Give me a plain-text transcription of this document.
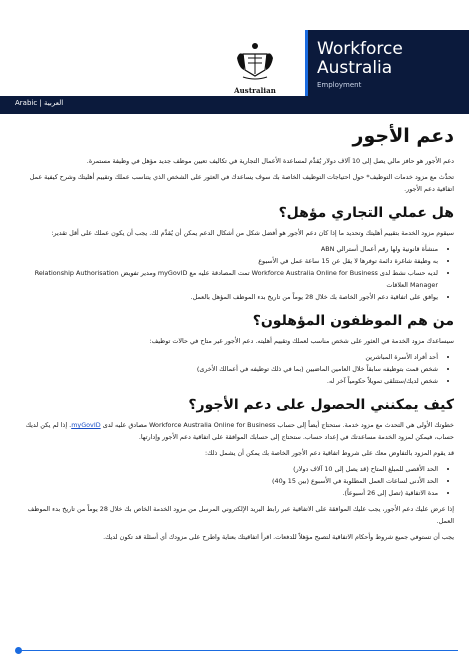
Australian
Workforce
Australia
Employment
Arabic | العربية
دعم الأجور

دعم الأجور هو حافز مالي يصل إلى 10 آلاف دولار يُقدَّم لمساعدة الأعمال التجارية في تكاليف تعيين موظف جديد مؤهل في وظيفة مستمرة.

تحدَّث مع مزود خدمات التوظيف* حول احتياجات التوظيف الخاصة بك سوف يساعدك في العثور على الشخص الذي يتناسب عملك وتقييم أهليتك وشرح كيفية عمل اتفاقية دعم الأجور.

هل عملي التجاري مؤهل؟

سيقوم مزود الخدمة بتقييم أهليتك وتحديد ما إذا كان دعم الأجور هو أفضل شكل من أشكال الدعم يمكن أن يُقدَّم لك. يجب أن يكون عملك على أقل تقدير:

• منشأة قانونية ولها رقم أعمال أسترالي ABN
• به وظيفة شاغرة دائمة توفرها لا يقل عن 15 ساعة عمل في الأسبوع
• لديه حساب نشط لدى Workforce Australia Online for Business تمت المصادقة عليه مع myGovID ومدير تفويض Relationship Authorisation Manager العلاقات
• يوافق على اتفاقية دعم الأجور الخاصة بك خلال 28 يوماً من تاريخ بدء الموظف المؤهل بالعمل.
من هم الموظفون المؤهلون؟

سيساعدك مزود الخدمة في العثور على شخص مناسب لعملك وتقييم أهليته. دعم الأجور غير متاح في حالات توظيف:

• أحد أفراد الأسرة المباشرين
• شخص قمت بتوظيفه سابقاً خلال العامين الماضيين (بما في ذلك توظيفه في أعمالك الأخرى)
• شخص لديك/ستتلقى تمويلاً حكومياً آخر له.
كيف يمكنني الحصول على دعم الأجور؟

خطوتك الأولى هي التحدث مع مزود خدمة. ستحتاج أيضاً إلى حساب Workforce Australia Online for Business مصادق عليه لدى myGovID. إذا لم يكن لديك حساب، فيمكن لمزود الخدمة مساعدتك في إعداد حساب. ستحتاج إلى حسابك الموافقة على اتفاقية دعم الأجور وإدارتها.

قد يقوم المزود بالتفاوض معك على شروط اتفاقية دعم الأجور الخاصة بك يمكن أن يشمل ذلك:

• الحد الأقصى للمبلغ المتاح (قد يصل إلى 10 آلاف دولار)
• الحد الأدنى لساعات العمل المطلوبة في الأسبوع (بين 15 و40)
• مدة الاتفاقية (تصل إلى 26 أسبوعاً).

إذا عرض عليك دعم الأجور، يجب عليك الموافقة على الاتفاقية عبر رابط البريد الإلكتروني المرسل من مزود الخدمة الخاص بك خلال 28 يوماً من تاريخ بدء الموظف العمل.

يجب أن تستوفي جميع شروط وأحكام الاتفاقية لتصبح مؤهلاً للدفعات. اقرأ اتفاقيتك بعناية واطرح على مزودك أي أسئلة قد تكون لديك.
